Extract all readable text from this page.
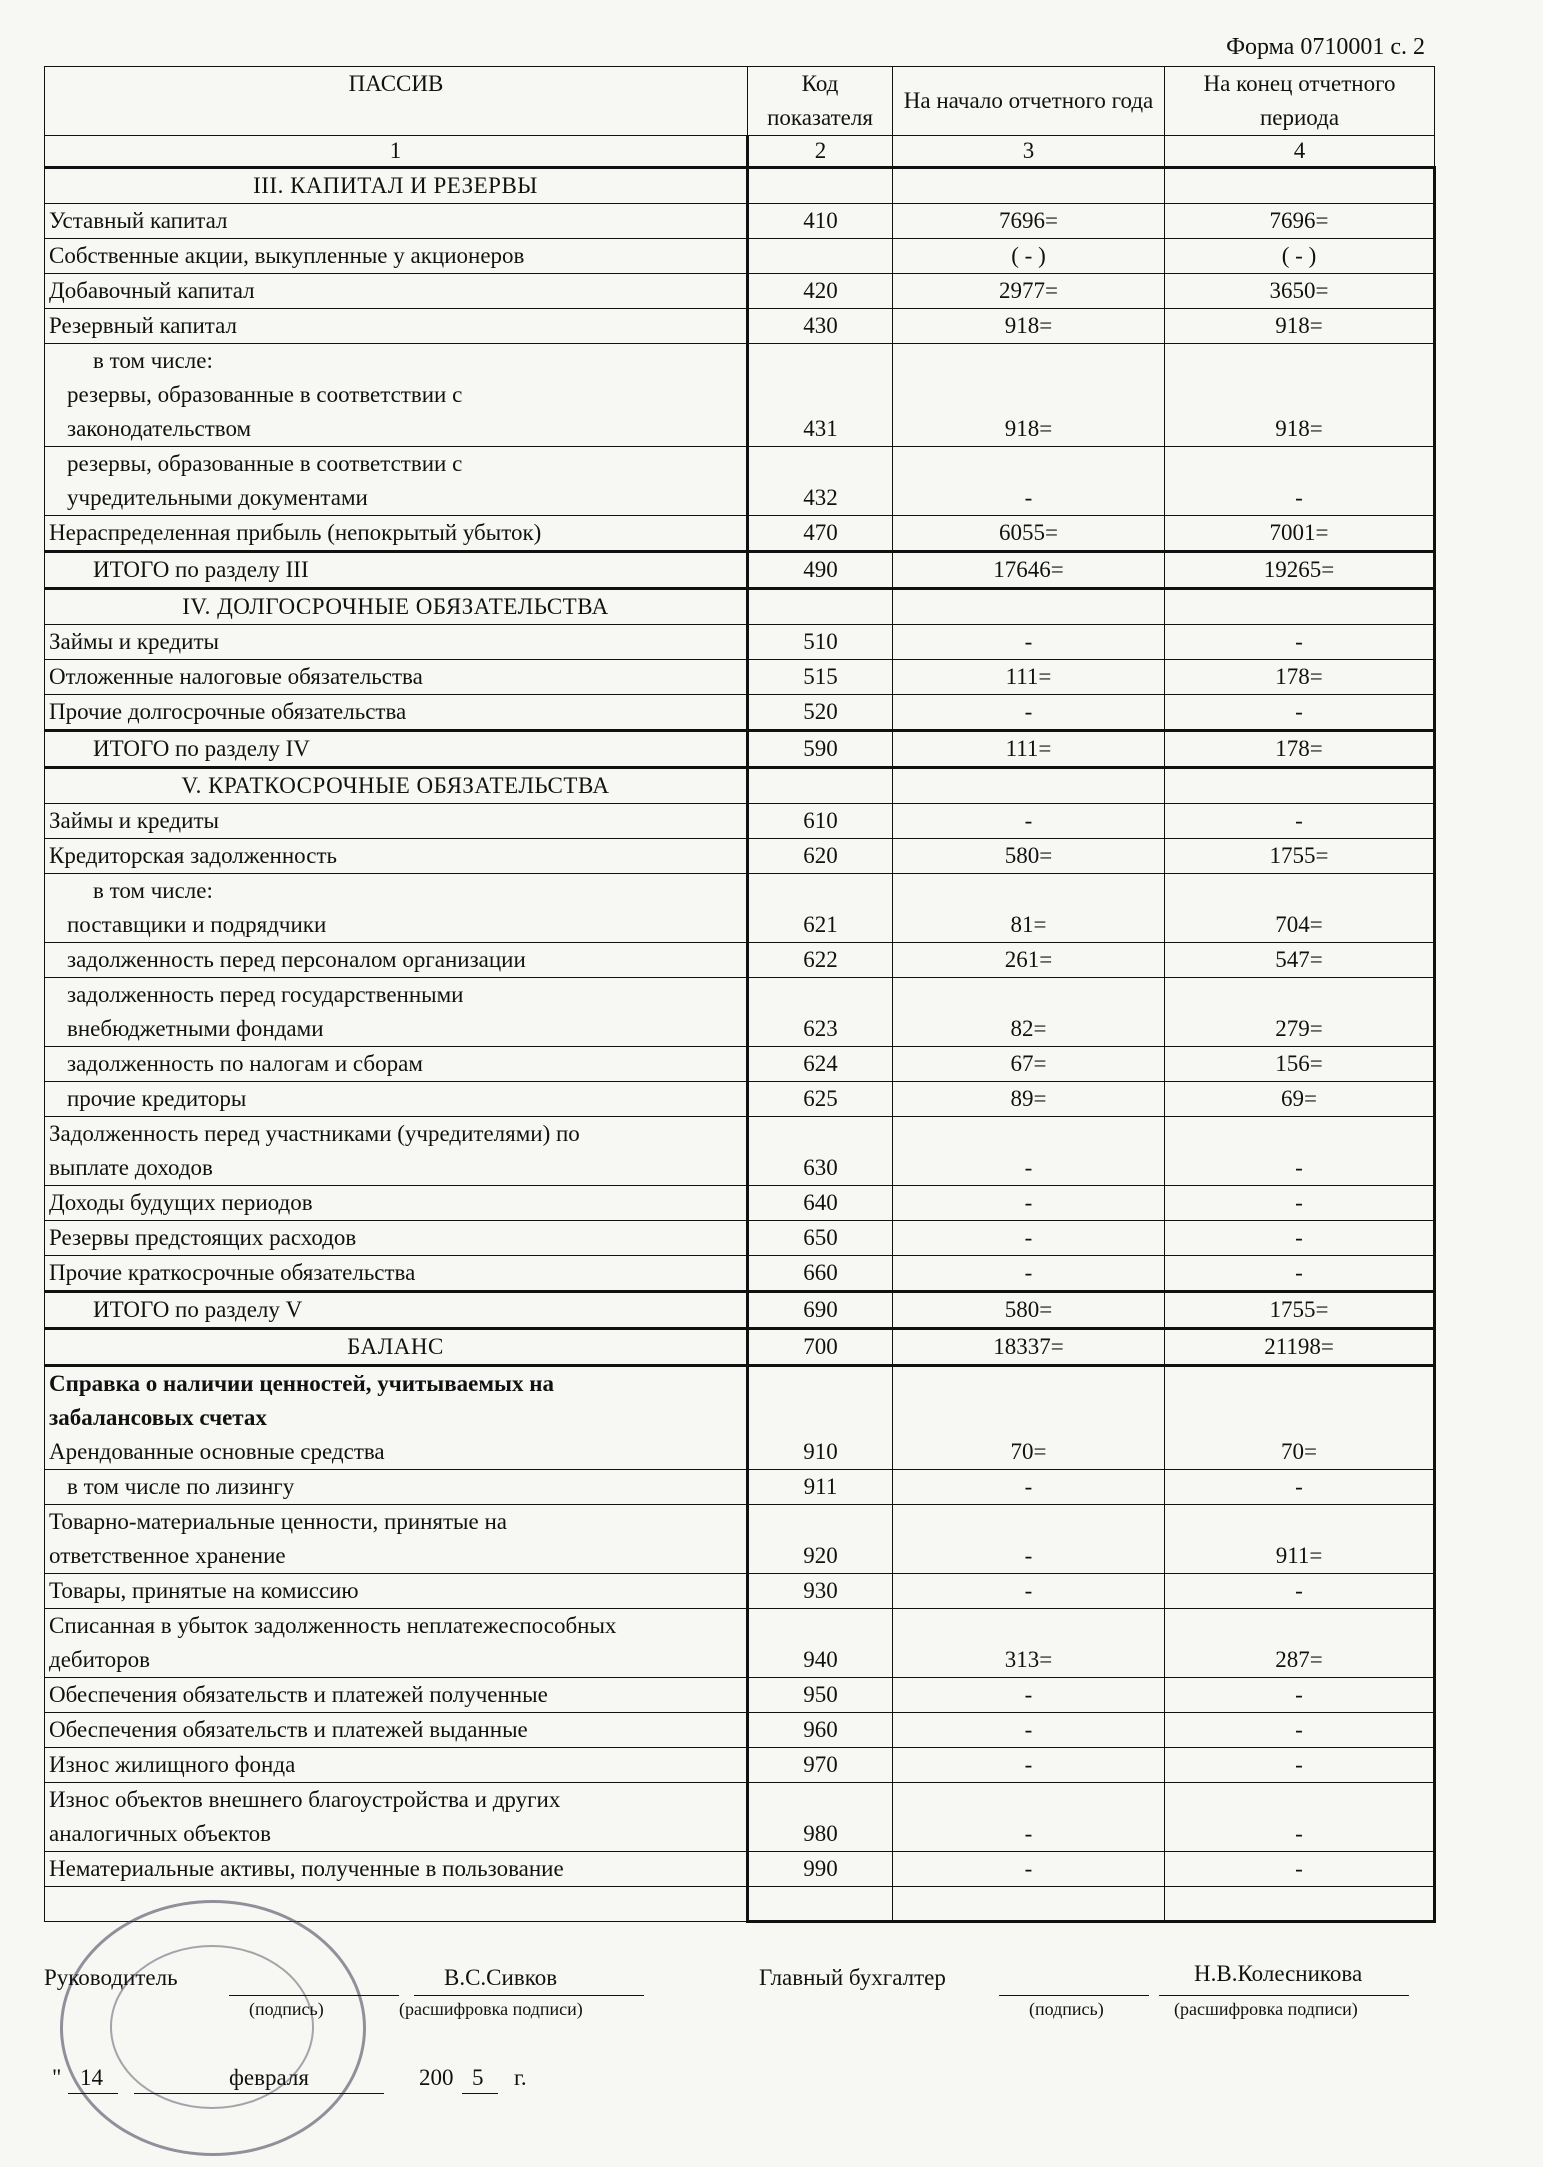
Форма 0710001 с. 2
ПАССИВ	Код показателя	На начало отчетного года	На конец отчетного периода
1	2	3	4
III. КАПИТАЛ И РЕЗЕРВЫ			
Уставный капитал	410	7696=	7696=
Собственные акции, выкупленные у акционеров		( - )	( - )
Добавочный капитал	420	2977=	3650=
Резервный капитал	430	918=	918=

в том числе:
резервы, образованные в соответствии с
законодательством	431	918=	918=

резервы, образованные в соответствии с
учредительными документами	432	-	-
Нераспределенная прибыль (непокрытый убыток)	470	6055=	7001=
ИТОГО по разделу III	490	17646=	19265=
IV. ДОЛГОСРОЧНЫЕ ОБЯЗАТЕЛЬСТВА			
Займы и кредиты	510	-	-
Отложенные налоговые обязательства	515	111=	178=
Прочие долгосрочные обязательства	520	-	-
ИТОГО по разделу IV	590	111=	178=
V. КРАТКОСРОЧНЫЕ ОБЯЗАТЕЛЬСТВА			
Займы и кредиты	610	-	-
Кредиторская задолженность	620	580=	1755=

в том числе:
поставщики и подрядчики	621	81=	704=
задолженность перед персоналом организации	622	261=	547=

задолженность перед государственными
внебюджетными фондами	623	82=	279=
задолженность по налогам и сборам	624	67=	156=
прочие кредиторы	625	89=	69=

Задолженность перед участниками (учредителями) по
выплате доходов	630	-	-
Доходы будущих периодов	640	-	-
Резервы предстоящих расходов	650	-	-
Прочие краткосрочные обязательства	660	-	-
ИТОГО по разделу V	690	580=	1755=
БАЛАНС	700	18337=	21198=

Справка о наличии ценностей, учитываемых на
забалансовых счетах
Арендованные основные средства	910	70=	70=
в том числе по лизингу	911	-	-

Товарно-материальные ценности, принятые на
ответственное хранение	920	-	911=
Товары, принятые на комиссию	930	-	-

Списанная в убыток задолженность неплатежеспособных
дебиторов	940	313=	287=
Обеспечения обязательств и платежей полученные	950	-	-
Обеспечения обязательств и платежей выданные	960	-	-
Износ жилищного фонда	970	-	-

Износ объектов внешнего благоустройства и других
аналогичных объектов	980	-	-
Нематериальные активы, полученные в пользование	990	-	-

Руководитель
(подпись)
В.С.Сивков
(расшифровка подписи)
Главный бухгалтер
(подпись)
Н.В.Колесникова
(расшифровка подписи)
" 14	февраля	200 5 г.
